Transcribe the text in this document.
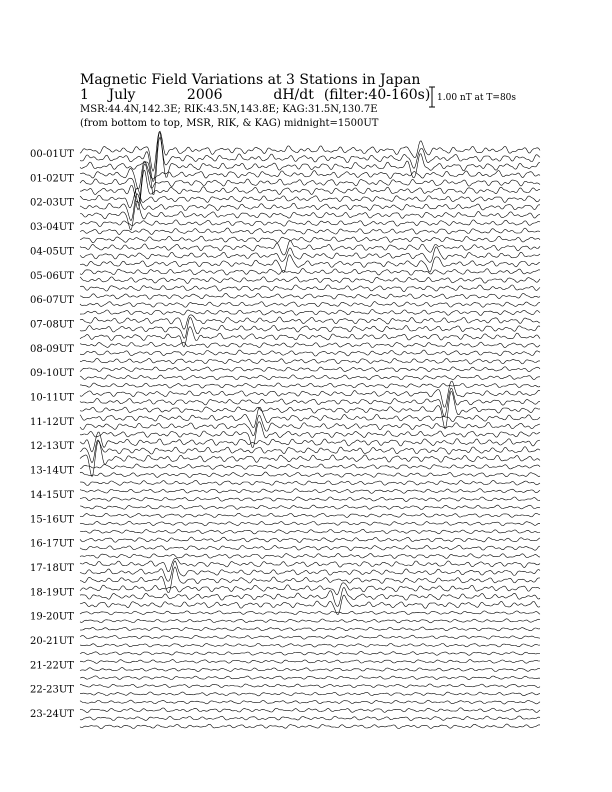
Magnetic Field Variations at 3 Stations in Japan
1 July	2006	dH/dt (filter:40-160s)
MSR:44.4N,142.3E; RIK:43.5N,143.8E; KAG:31.5N,130.7E
(from bottom to top, MSR, RIK, & KAG) midnight=1500UT
1.00 nT at T=80s
00-01UT
01-02UT
02-03UT
03-04UT
04-05UT
05-06UT
06-07UT
07-08UT
08-09UT
09-10UT
10-11UT
11-12UT
12-13UT
13-14UT
14-15UT
15-16UT
16-17UT
17-18UT
18-19UT
19-20UT
20-21UT
21-22UT
22-23UT
23-24UT
